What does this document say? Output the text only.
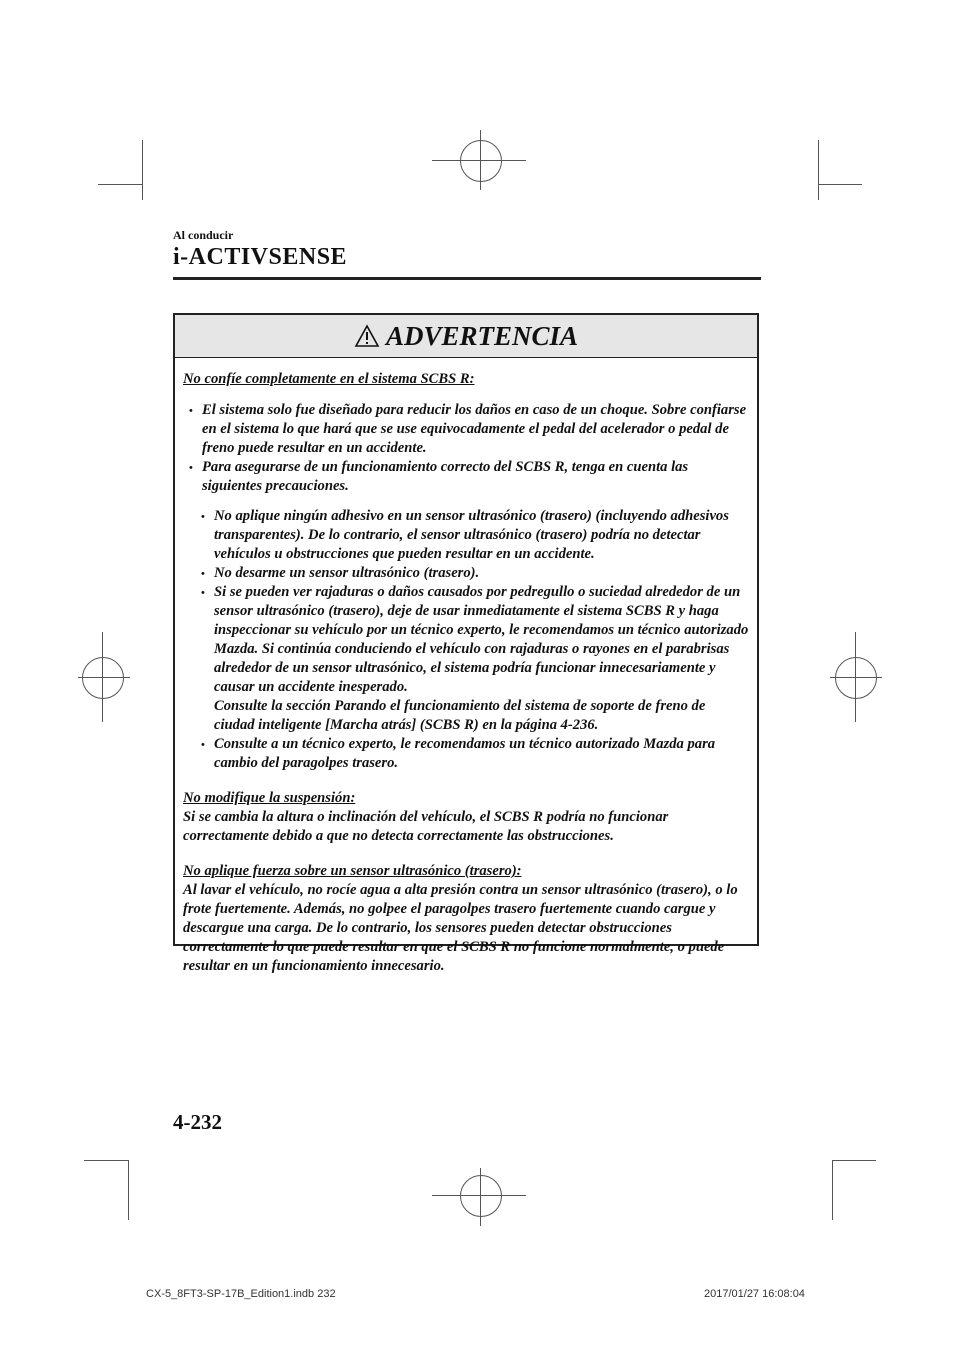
Al conducir
i-ACTIVSENSE
ADVERTENCIA

No confíe completamente en el sistema SCBS R:

• El sistema solo fue diseñado para reducir los daños en caso de un choque. Sobre confiarse en el sistema lo que hará que se use equivocadamente el pedal del acelerador o pedal de freno puede resultar en un accidente.
• Para asegurarse de un funcionamiento correcto del SCBS R, tenga en cuenta las siguientes precauciones.
• No aplique ningún adhesivo en un sensor ultrasónico (trasero) (incluyendo adhesivos transparentes). De lo contrario, el sensor ultrasónico (trasero) podría no detectar vehículos u obstrucciones que pueden resultar en un accidente.
• No desarme un sensor ultrasónico (trasero).
• Si se pueden ver rajaduras o daños causados por pedregullo o suciedad alrededor de un sensor ultrasónico (trasero), deje de usar inmediatamente el sistema SCBS R y haga inspeccionar su vehículo por un técnico experto, le recomendamos un técnico autorizado Mazda. Si continúa conduciendo el vehículo con rajaduras o rayones en el parabrisas alrededor de un sensor ultrasónico, el sistema podría funcionar innecesariamente y causar un accidente inesperado.
Consulte la sección Parando el funcionamiento del sistema de soporte de freno de ciudad inteligente [Marcha atrás] (SCBS R) en la página 4-236.
• Consulte a un técnico experto, le recomendamos un técnico autorizado Mazda para cambio del paragolpes trasero.

No modifique la suspensión:

Si se cambia la altura o inclinación del vehículo, el SCBS R podría no funcionar correctamente debido a que no detecta correctamente las obstrucciones.

No aplique fuerza sobre un sensor ultrasónico (trasero):

Al lavar el vehículo, no rocíe agua a alta presión contra un sensor ultrasónico (trasero), o lo frote fuertemente. Además, no golpee el paragolpes trasero fuertemente cuando cargue y descargue una carga. De lo contrario, los sensores pueden detectar obstrucciones correctamente lo que puede resultar en que el SCBS R no funcione normalmente, o puede resultar en un funcionamiento innecesario.

4-232
CX-5_8FT3-SP-17B_Edition1.indb 232	2017/01/27 16:08:04
